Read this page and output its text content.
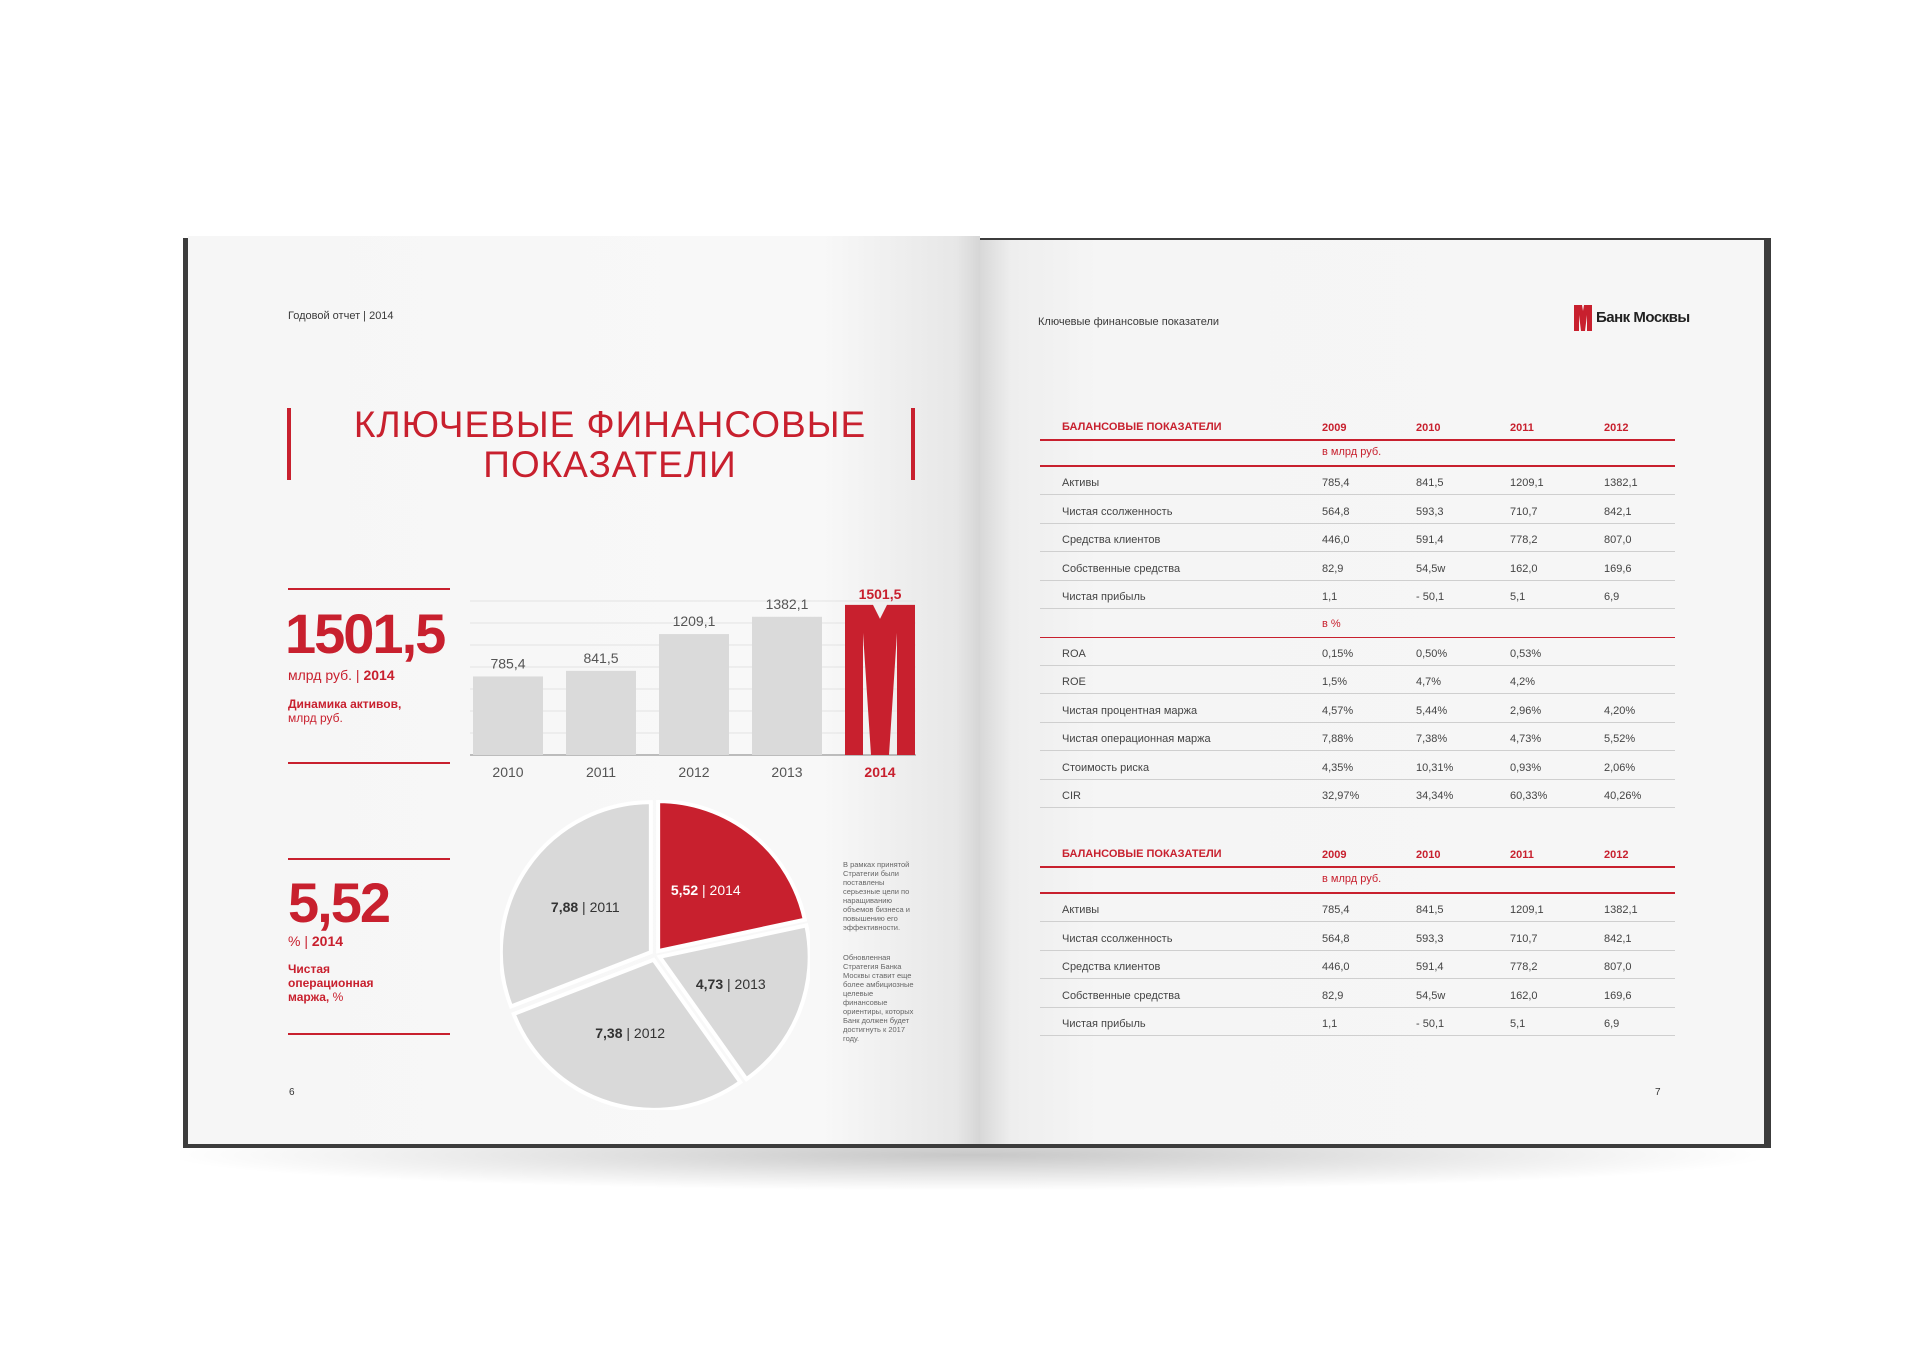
Годовой отчет | 2014
КЛЮЧЕВЫЕ ФИНАНСОВЫЕ
ПОКАЗАТЕЛИ
1501,5
млрд руб. | 2014
Динамика активов,
млрд руб.
785,4	841,5
1209,1
1382,1
1501,5
2010	2011	2012	2013	2014
5,52
% | 2014
Чистая
операционная
маржа, %
5,52 | 2014
4,73 | 2013
7,38 | 2012
7,88 | 2011
В рамках принятой Стратегии были поставлены серьезные цели по наращиванию объемов бизнеса и повышению его эффективности.
Обновленная Стратегия Банка Москвы ставит еще более амбициозные целевые финансовые ориентиры, которых Банк должен будет достигнуть к 2017 году.
6
Ключевые финансовые показатели	Банк Москвы
БАЛАНСОВЫЕ ПОКАЗАТЕЛИ	2009	2010	2011	2012
в млрд руб.
Активы	785,4	841,5	1209,1	1382,1
Чистая ссолженность	564,8	593,3	710,7	842,1
Средства клиентов	446,0	591,4	778,2	807,0
Собственные средства	82,9	54,5w	162,0	169,6
Чистая прибыль	1,1	- 50,1	5,1	6,9
в %
ROA	0,15%	0,50%	0,53%
ROE	1,5%	4,7%	4,2%
Чистая процентная маржа	4,57%	5,44%	2,96%	4,20%
Чистая операционная маржа	7,88%	7,38%	4,73%	5,52%
Стоимость риска	4,35%	10,31%	0,93%	2,06%
CIR	32,97%	34,34%	60,33%	40,26%
БАЛАНСОВЫЕ ПОКАЗАТЕЛИ	2009	2010	2011	2012
в млрд руб.
Активы	785,4	841,5	1209,1	1382,1
Чистая ссолженность	564,8	593,3	710,7	842,1
Средства клиентов	446,0	591,4	778,2	807,0
Собственные средства	82,9	54,5w	162,0	169,6
Чистая прибыль	1,1	- 50,1	5,1	6,9
7
